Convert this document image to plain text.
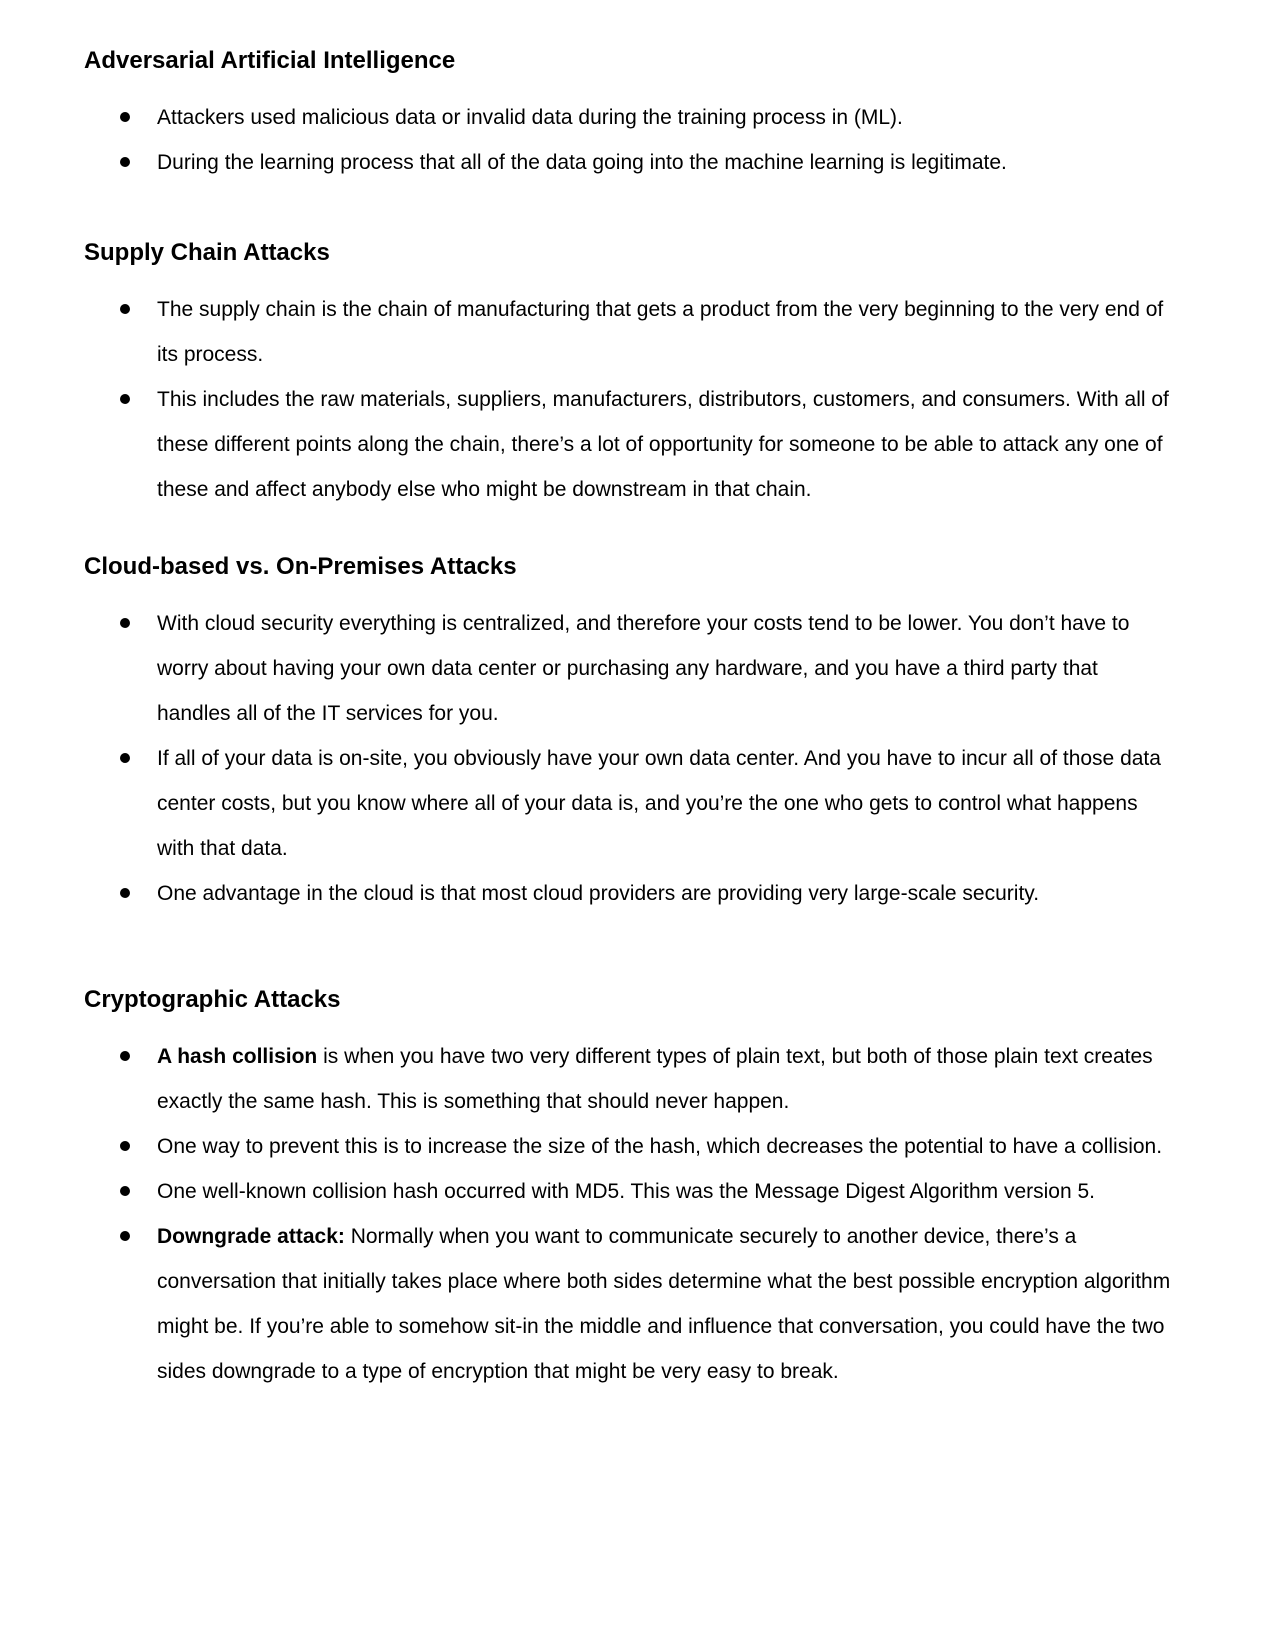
Adversarial Artificial Intelligence
Attackers used malicious data or invalid data during the training process in (ML).
During the learning process that all of the data going into the machine learning is legitimate.
Supply Chain Attacks
The supply chain is the chain of manufacturing that gets a product from the very beginning to the very end of its process.
This includes the raw materials, suppliers, manufacturers, distributors, customers, and consumers. With all of these different points along the chain, there’s a lot of opportunity for someone to be able to attack any one of these and affect anybody else who might be downstream in that chain.
Cloud-based vs. On-Premises Attacks
With cloud security everything is centralized, and therefore your costs tend to be lower. You don’t have to worry about having your own data center or purchasing any hardware, and you have a third party that handles all of the IT services for you.
If all of your data is on-site, you obviously have your own data center. And you have to incur all of those data center costs, but you know where all of your data is, and you’re the one who gets to control what happens with that data.
One advantage in the cloud is that most cloud providers are providing very large-scale security.
Cryptographic Attacks
A hash collision is when you have two very different types of plain text, but both of those plain text creates exactly the same hash. This is something that should never happen.
One way to prevent this is to increase the size of the hash, which decreases the potential to have a collision.
One well-known collision hash occurred with MD5. This was the Message Digest Algorithm version 5.
Downgrade attack: Normally when you want to communicate securely to another device, there’s a conversation that initially takes place where both sides determine what the best possible encryption algorithm might be. If you’re able to somehow sit-in the middle and influence that conversation, you could have the two sides downgrade to a type of encryption that might be very easy to break.
